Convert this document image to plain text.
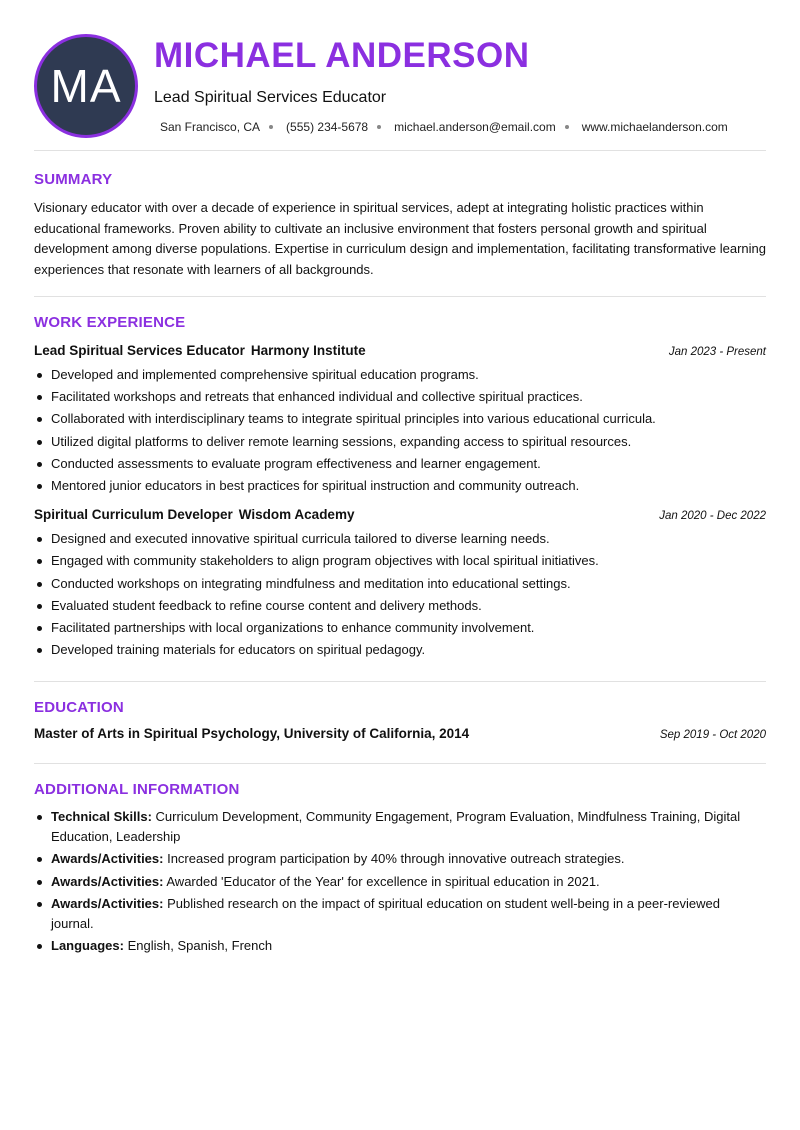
MA
MICHAEL ANDERSON
Lead Spiritual Services Educator
San Francisco, CA (555) 234-5678 michael.anderson@email.com www.michaelanderson.com
SUMMARY

Visionary educator with over a decade of experience in spiritual services, adept at integrating holistic practices within educational frameworks. Proven ability to cultivate an inclusive environment that fosters personal growth and spiritual development among diverse populations. Expertise in curriculum design and implementation, facilitating transformative learning experiences that resonate with learners of all backgrounds.

WORK EXPERIENCE
Lead Spiritual Services Educator Harmony Institute	Jan 2023 - Present
Developed and implemented comprehensive spiritual education programs.
Facilitated workshops and retreats that enhanced individual and collective spiritual practices.
Collaborated with interdisciplinary teams to integrate spiritual principles into various educational curricula.
Utilized digital platforms to deliver remote learning sessions, expanding access to spiritual resources.
Conducted assessments to evaluate program effectiveness and learner engagement.
Mentored junior educators in best practices for spiritual instruction and community outreach.
Spiritual Curriculum Developer Wisdom Academy	Jan 2020 - Dec 2022
Designed and executed innovative spiritual curricula tailored to diverse learning needs.
Engaged with community stakeholders to align program objectives with local spiritual initiatives.
Conducted workshops on integrating mindfulness and meditation into educational settings.
Evaluated student feedback to refine course content and delivery methods.
Facilitated partnerships with local organizations to enhance community involvement.
Developed training materials for educators on spiritual pedagogy.
EDUCATION
Master of Arts in Spiritual Psychology, University of California, 2014	Sep 2019 - Oct 2020
ADDITIONAL INFORMATION
Technical Skills: Curriculum Development, Community Engagement, Program Evaluation, Mindfulness Training, Digital Education, Leadership
Awards/Activities: Increased program participation by 40% through innovative outreach strategies.
Awards/Activities: Awarded 'Educator of the Year' for excellence in spiritual education in 2021.
Awards/Activities: Published research on the impact of spiritual education on student well-being in a peer-reviewed journal.
Languages: English, Spanish, French
